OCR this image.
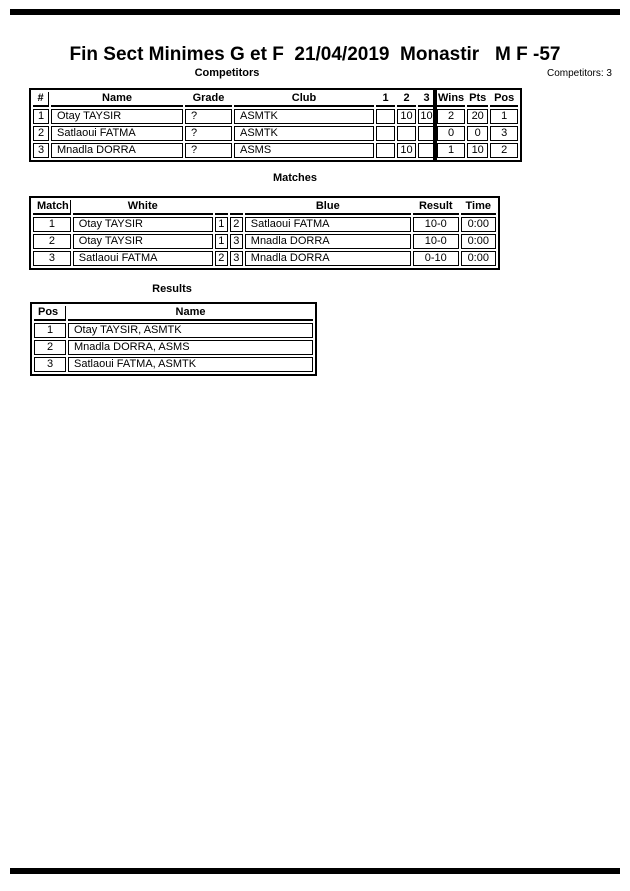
Fin Sect Minimes G et F  21/04/2019  Monastir   M F -57
Competitors	Competitors: 3
#	Name	Grade	Club	1	2	3	Wins	Pts	Pos
1	Otay TAYSIR	?	ASMTK		10	10	2	20	1
2	Satlaoui FATMA	?	ASMTK				0	0	3
3	Mnadla DORRA	?	ASMS		10		1	10	2
Matches
Match	White			Blue	Result	Time
1	Otay TAYSIR	1	2	Satlaoui FATMA	10-0	0:00
2	Otay TAYSIR	1	3	Mnadla DORRA	10-0	0:00
3	Satlaoui FATMA	2	3	Mnadla DORRA	0-10	0:00
Results
Pos	Name
1	Otay TAYSIR, ASMTK
2	Mnadla DORRA, ASMS
3	Satlaoui FATMA, ASMTK
